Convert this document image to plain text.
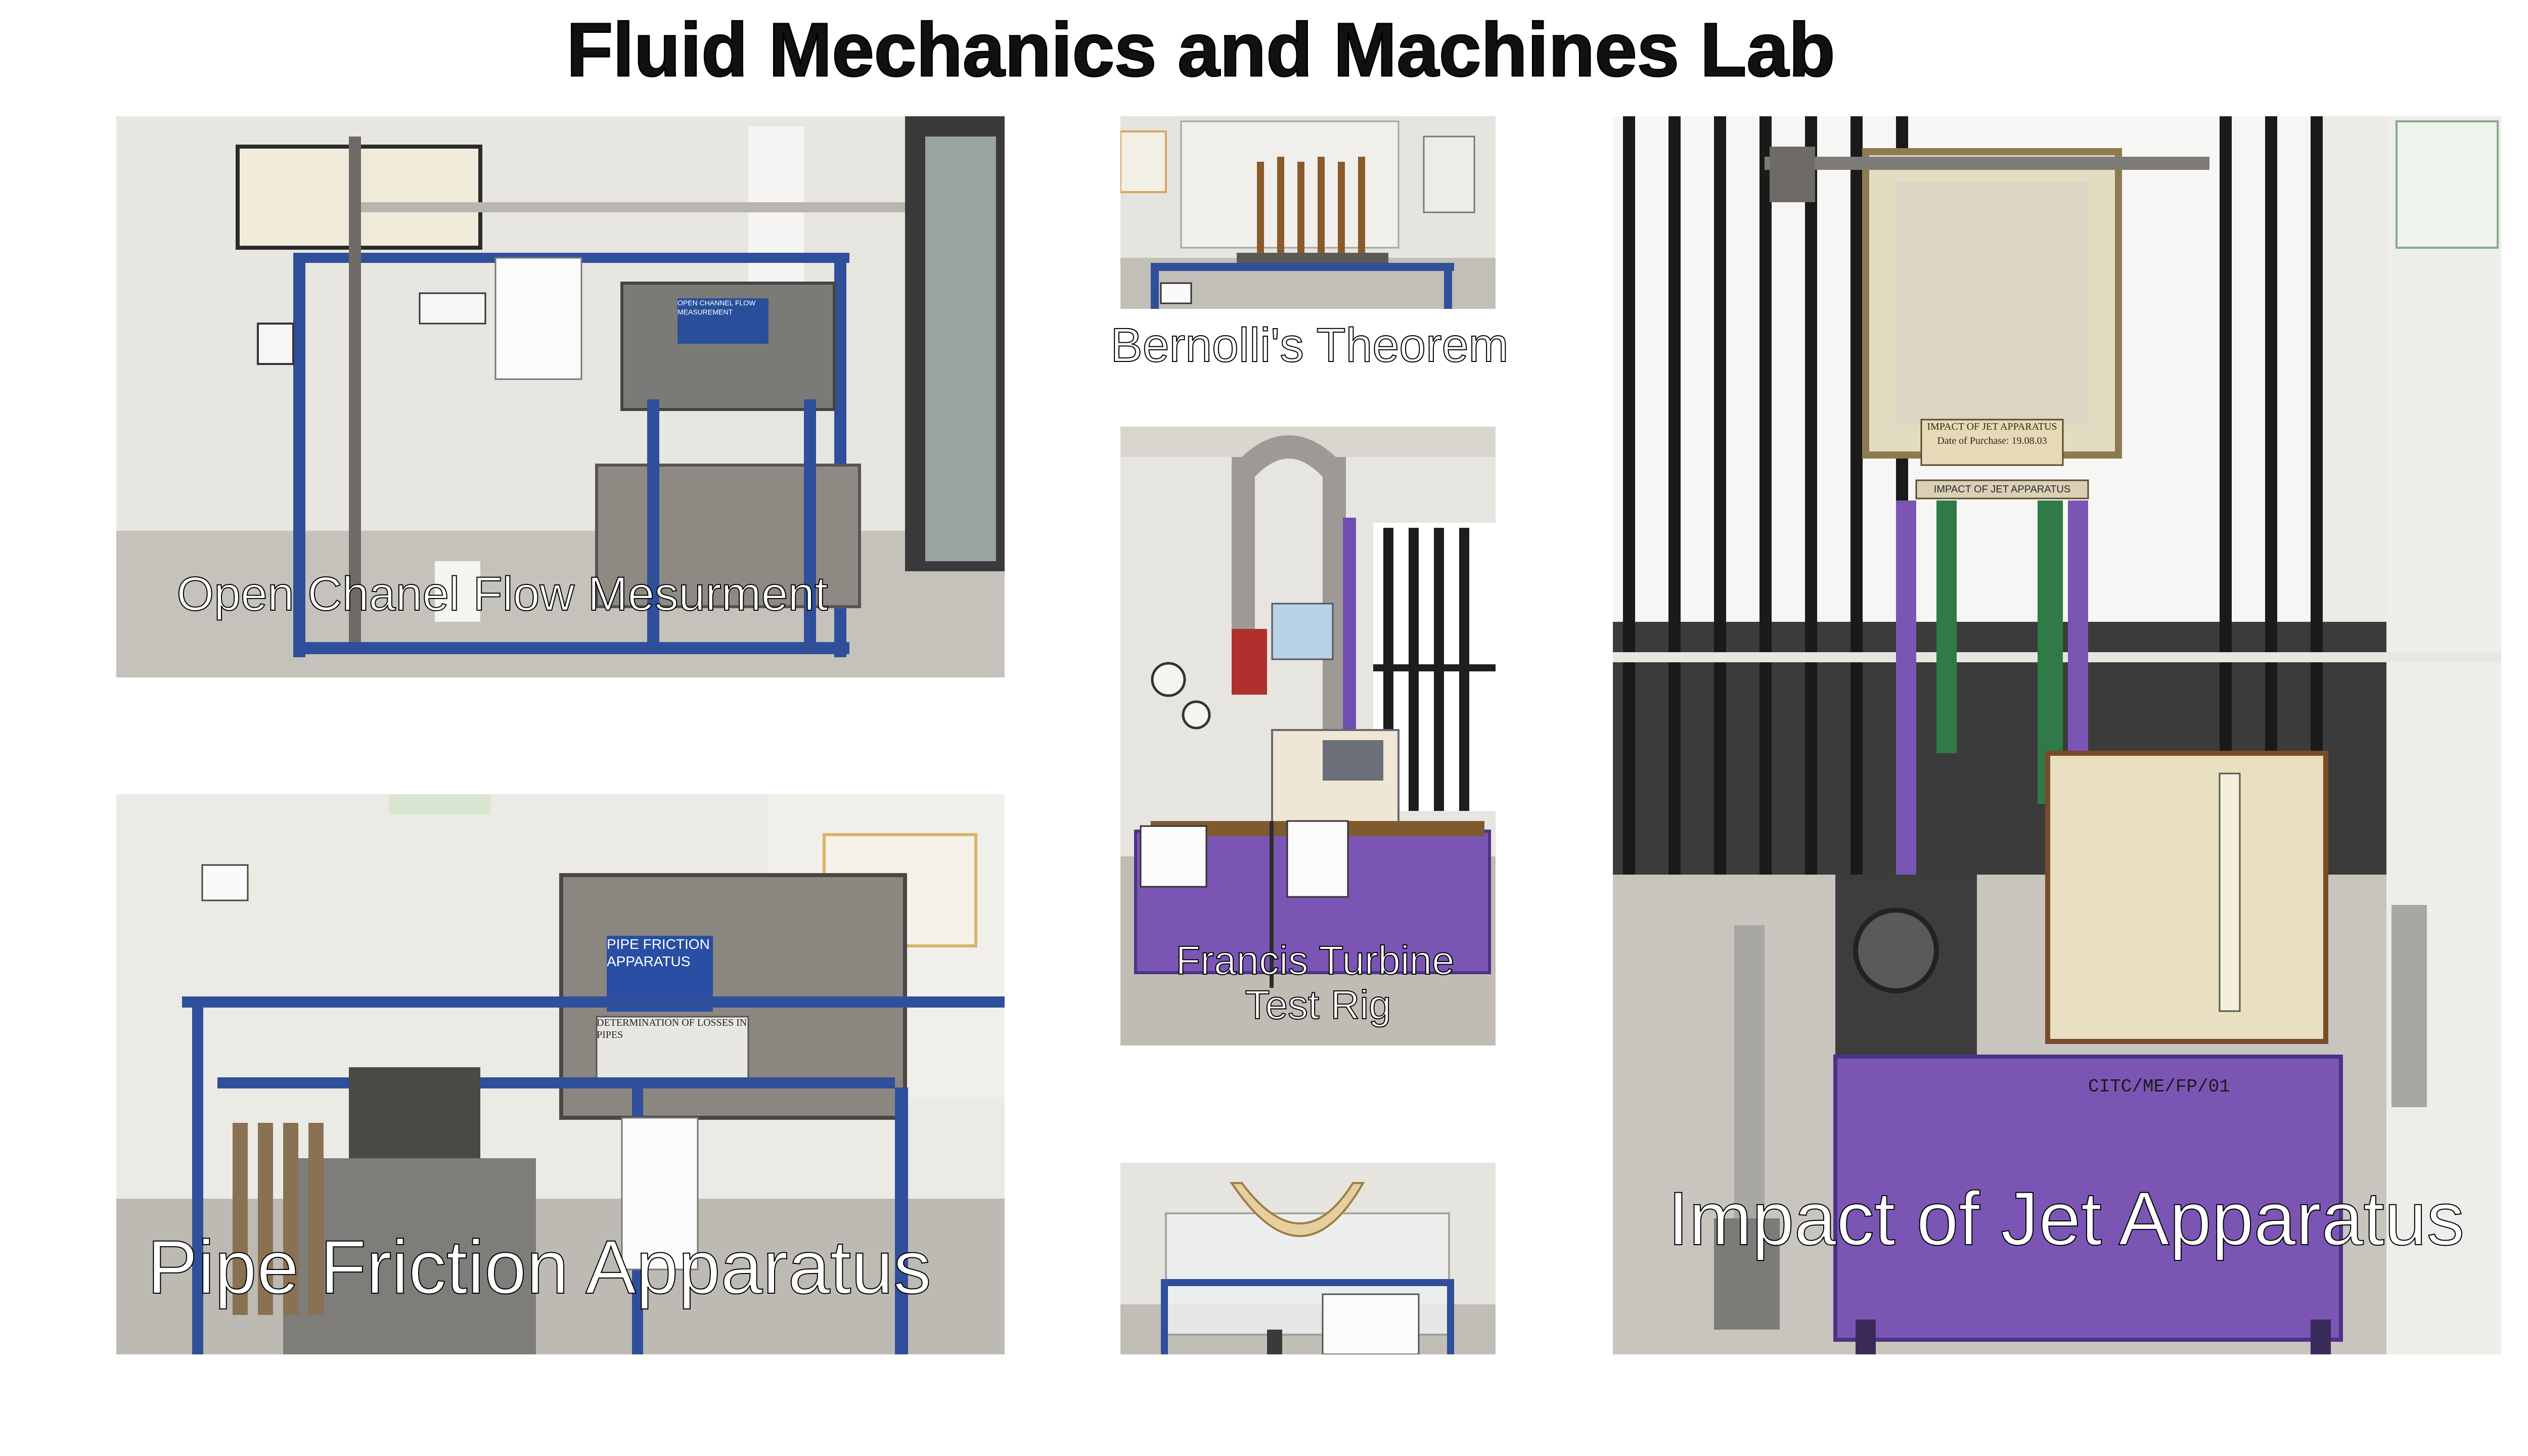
Fluid Mechanics and Machines Lab
Open Chanel Flow Mesurment
Pipe Friction Apparatus
Bernolli's Theorem
Francis Turbine
Test Rig
IMPACT OF JET APPARATUS
Date of Purchase: 19.08.03
IMPACT OF JET APPARATUS
CITC/ME/FP/01
Impact of Jet Apparatus
OPEN CHANNEL FLOW MEASUREMENT
PIPE FRICTION APPARATUS
DETERMINATION OF LOSSES IN PIPES
